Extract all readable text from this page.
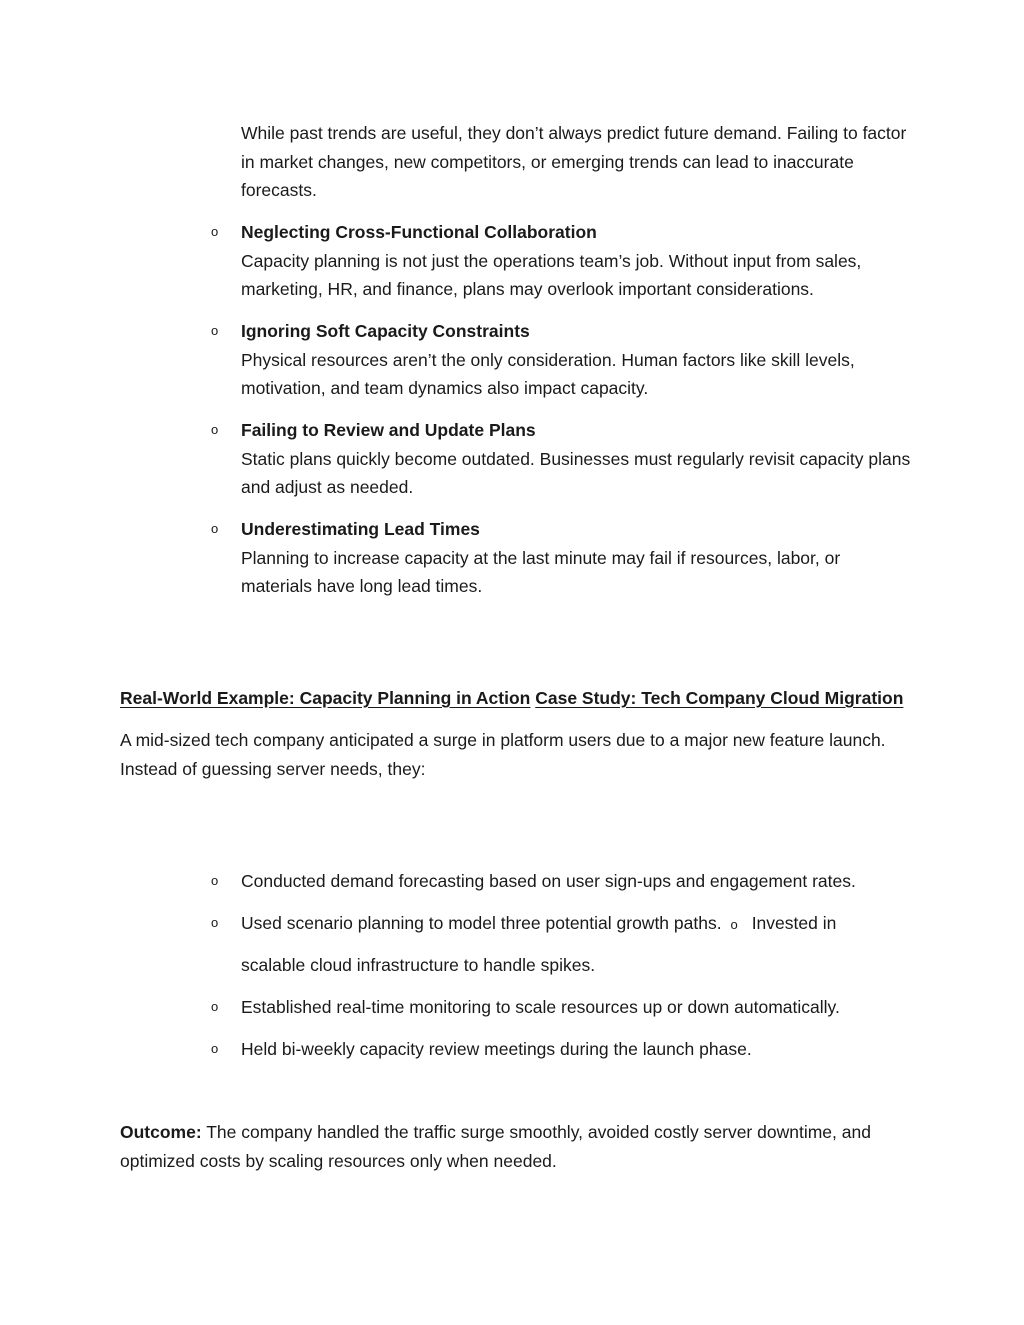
While past trends are useful, they don’t always predict future demand. Failing to factor in market changes, new competitors, or emerging trends can lead to inaccurate forecasts.

o Neglecting Cross-Functional Collaboration
Capacity planning is not just the operations team’s job. Without input from sales, marketing, HR, and finance, plans may overlook important considerations.
o Ignoring Soft Capacity Constraints
Physical resources aren’t the only consideration. Human factors like skill levels, motivation, and team dynamics also impact capacity.
o Failing to Review and Update Plans
Static plans quickly become outdated. Businesses must regularly revisit capacity plans and adjust as needed.
o Underestimating Lead Times
Planning to increase capacity at the last minute may fail if resources, labor, or materials have long lead times.
Real-World Example: Capacity Planning in Action Case Study: Tech Company Cloud Migration

A mid-sized tech company anticipated a surge in platform users due to a major new feature launch. Instead of guessing server needs, they:

o Conducted demand forecasting based on user sign-ups and engagement rates.
o Used scenario planning to model three potential growth paths. o Invested in
scalable cloud infrastructure to handle spikes.
o Established real-time monitoring to scale resources up or down automatically.
o Held bi-weekly capacity review meetings during the launch phase.

Outcome: The company handled the traffic surge smoothly, avoided costly server downtime, and optimized costs by scaling resources only when needed.
